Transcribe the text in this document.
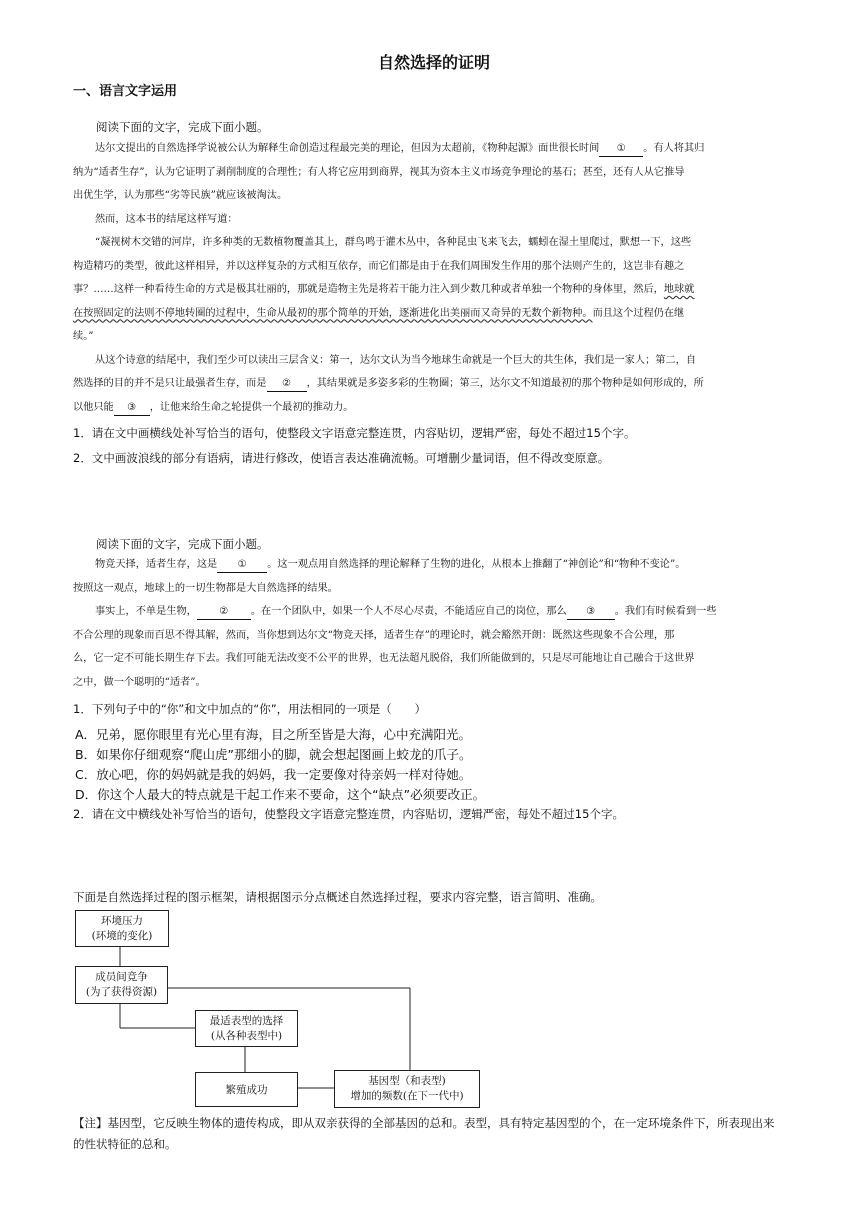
自然选择的证明
一、语言文字运用
阅读下面的文字，完成下面小题。
达尔文提出的自然选择学说被公认为解释生命创造过程最完美的理论，但因为太超前，《物种起源》面世很长时间 ① 。有人将其归
纳为“适者生存”，认为它证明了剥削制度的合理性；有人将它应用到商界，视其为资本主义市场竞争理论的基石；甚至，还有人从它推导
出优生学，认为那些“劣等民族”就应该被淘汰。
然而，这本书的结尾这样写道：
“凝视树木交错的河岸，许多种类的无数植物覆盖其上，群鸟鸣于灌木丛中，各种昆虫飞来飞去，蠕蚓在湿土里爬过，默想一下，这些
构造精巧的类型，彼此这样相异，并以这样复杂的方式相互依存，而它们都是由于在我们周围发生作用的那个法则产生的，这岂非有趣之
事？……这样一种看待生命的方式是极其壮丽的，那就是造物主先是将若干能力注入到少数几种或者单独一个物种的身体里，然后，地球就
在按照固定的法则不停地转圈的过程中，生命从最初的那个简单的开始，逐渐进化出美丽而又奇异的无数个新物种。而且这个过程仍在继
续。”
从这个诗意的结尾中，我们至少可以读出三层含义：第一，达尔文认为当今地球生命就是一个巨大的共生体，我们是一家人；第二，自
然选择的目的并不是只让最强者生存，而是 ② ，其结果就是多姿多彩的生物圈；第三，达尔文不知道最初的那个物种是如何形成的，所
以他只能 ③ ，让他来给生命之轮提供一个最初的推动力。
1．请在文中画横线处补写恰当的语句，使整段文字语意完整连贯，内容贴切，逻辑严密，每处不超过15个字。
2．文中画波浪线的部分有语病，请进行修改，使语言表达准确流畅。可增删少量词语，但不得改变原意。
阅读下面的文字，完成下面小题。
物竞天择，适者生存，这是 ① 。这一观点用自然选择的理论解释了生物的进化，从根本上推翻了“神创论”和“物种不变论”。
按照这一观点，地球上的一切生物都是大自然选择的结果。
事实上，不单是生物， ② 。在一个团队中，如果一个人不尽心尽责，不能适应自己的岗位，那么 ③ 。我们有时候看到一些
不合公理的现象而百思不得其解，然而，当你想到达尔文“物竞天择，适者生存”的理论时，就会豁然开朗：既然这些现象不合公理，那
么，它一定不可能长期生存下去。我们可能无法改变不公平的世界，也无法超凡脱俗，我们所能做到的，只是尽可能地让自己融合于这世界
之中，做一个聪明的“适者”。
1．下列句子中的“你”和文中加点的“你”，用法相同的一项是（　　）
A．兄弟，愿你眼里有光心里有海，目之所至皆是大海，心中充满阳光。
B．如果你仔细观察“爬山虎”那细小的脚，就会想起图画上蛟龙的爪子。
C．放心吧，你的妈妈就是我的妈妈，我一定要像对待亲妈一样对待她。
D．你这个人最大的特点就是干起工作来不要命，这个“缺点”必须要改正。
2．请在文中横线处补写恰当的语句，使整段文字语意完整连贯，内容贴切，逻辑严密，每处不超过15个字。
下面是自然选择过程的图示框架，请根据图示分点概述自然选择过程，要求内容完整，语言简明、准确。
环境压力
(环境的变化)
成员间竞争
(为了获得资源)
最适表型的选择
(从各种表型中)
繁殖成功
基因型（和表型)
增加的频数(在下一代中)
【注】基因型，它反映生物体的遗传构成，即从双亲获得的全部基因的总和。表型，具有特定基因型的个，在一定环境条件下，所表现出来
的性状特征的总和。
